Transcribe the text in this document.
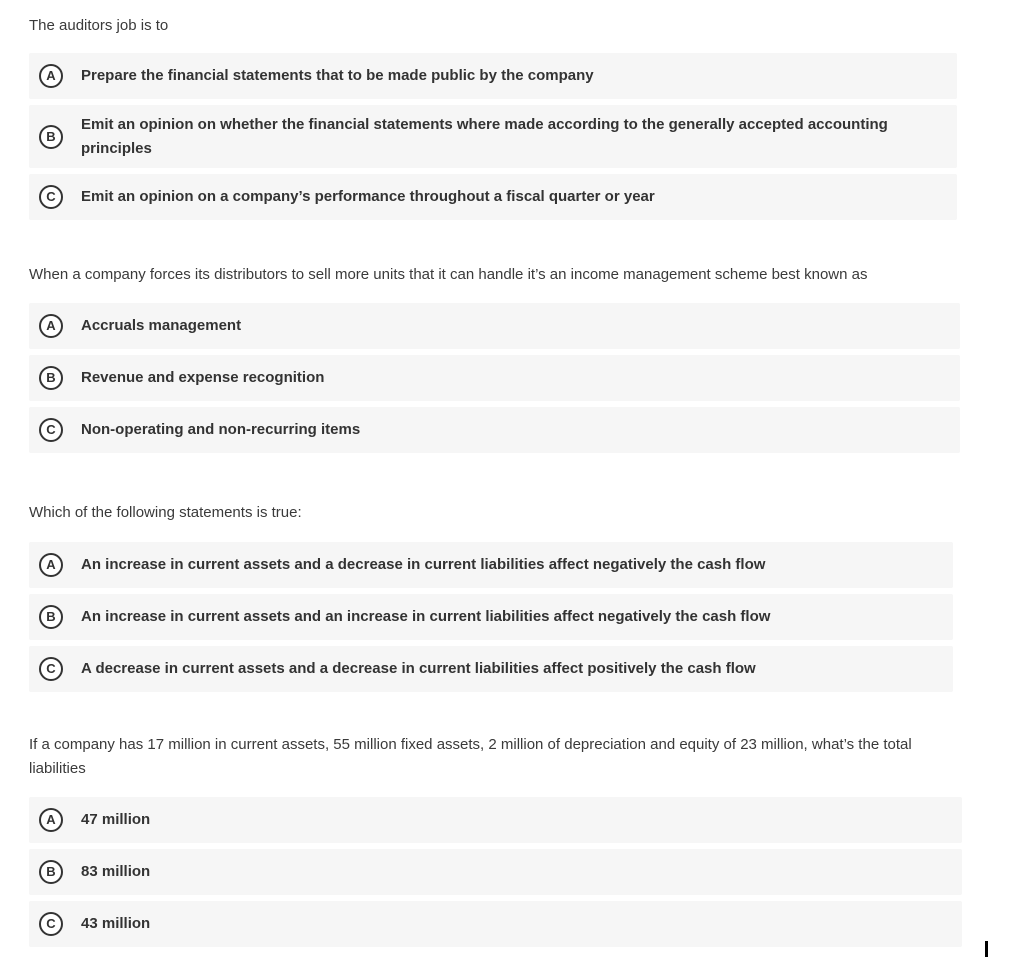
The auditors job is to

A	Prepare the financial statements that to be made public by the company
B
Emit an opinion on whether the financial statements where made according to the generally accepted accounting principles
C	Emit an opinion on a company’s performance throughout a fiscal quarter or year

When a company forces its distributors to sell more units that it can handle it’s an income management scheme best known as

A	Accruals management
B	Revenue and expense recognition
C	Non-operating and non-recurring items

Which of the following statements is true:

A	An increase in current assets and a decrease in current liabilities affect negatively the cash flow
B	An increase in current assets and an increase in current liabilities affect negatively the cash flow
C	A decrease in current assets and a decrease in current liabilities affect positively the cash flow

If a company has 17 million in current assets, 55 million fixed assets, 2 million of depreciation and equity of 23 million, what’s the total liabilities

A	47 million
B	83 million
C	43 million
